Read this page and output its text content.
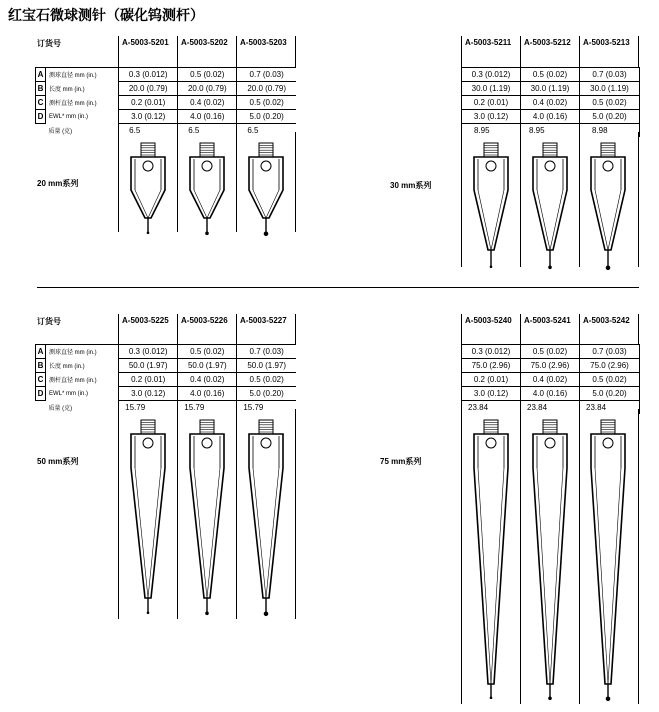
红宝石微球测针（碳化钨测杆）
订货号	A-5003-5201 A-5003-5202 A-5003-5203
A	测球直径 mm (in.)	0.3 (0.012)	0.5 (0.02)	0.7 (0.03)
B	长度 mm (in.)	20.0 (0.79)	20.0 (0.79)	20.0 (0.79)
C	测杆直径 mm (in.)	0.2 (0.01)	0.4 (0.02)	0.5 (0.02)
D	EWL* mm (in.)	3.0 (0.12)	4.0 (0.16)	5.0 (0.20)
	质量 (克)	6.5	6.5	6.5
20 mm系列
A-5003-5211 A-5003-5212 A-5003-5213
0.3 (0.012)	0.5 (0.02)	0.7 (0.03)
30.0 (1.19)	30.0 (1.19)	30.0 (1.19)
0.2 (0.01)	0.4 (0.02)	0.5 (0.02)
3.0 (0.12)	4.0 (0.16)	5.0 (0.20)
8.95	8.95	8.98
30 mm系列
订货号	A-5003-5225 A-5003-5226 A-5003-5227
A	测球直径 mm (in.)	0.3 (0.012)	0.5 (0.02)	0.7 (0.03)
B	长度 mm (in.)	50.0 (1.97)	50.0 (1.97)	50.0 (1.97)
C	测杆直径 mm (in.)	0.2 (0.01)	0.4 (0.02)	0.5 (0.02)
D	EWL* mm (in.)	3.0 (0.12)	4.0 (0.16)	5.0 (0.20)
	质量 (克)	15.79	15.79	15.79
50 mm系列
A-5003-5240 A-5003-5241 A-5003-5242
0.3 (0.012)	0.5 (0.02)	0.7 (0.03)
75.0 (2.96)	75.0 (2.96)	75.0 (2.96)
0.2 (0.01)	0.4 (0.02)	0.5 (0.02)
3.0 (0.12)	4.0 (0.16)	5.0 (0.20)
23.84	23.84	23.84
75 mm系列
